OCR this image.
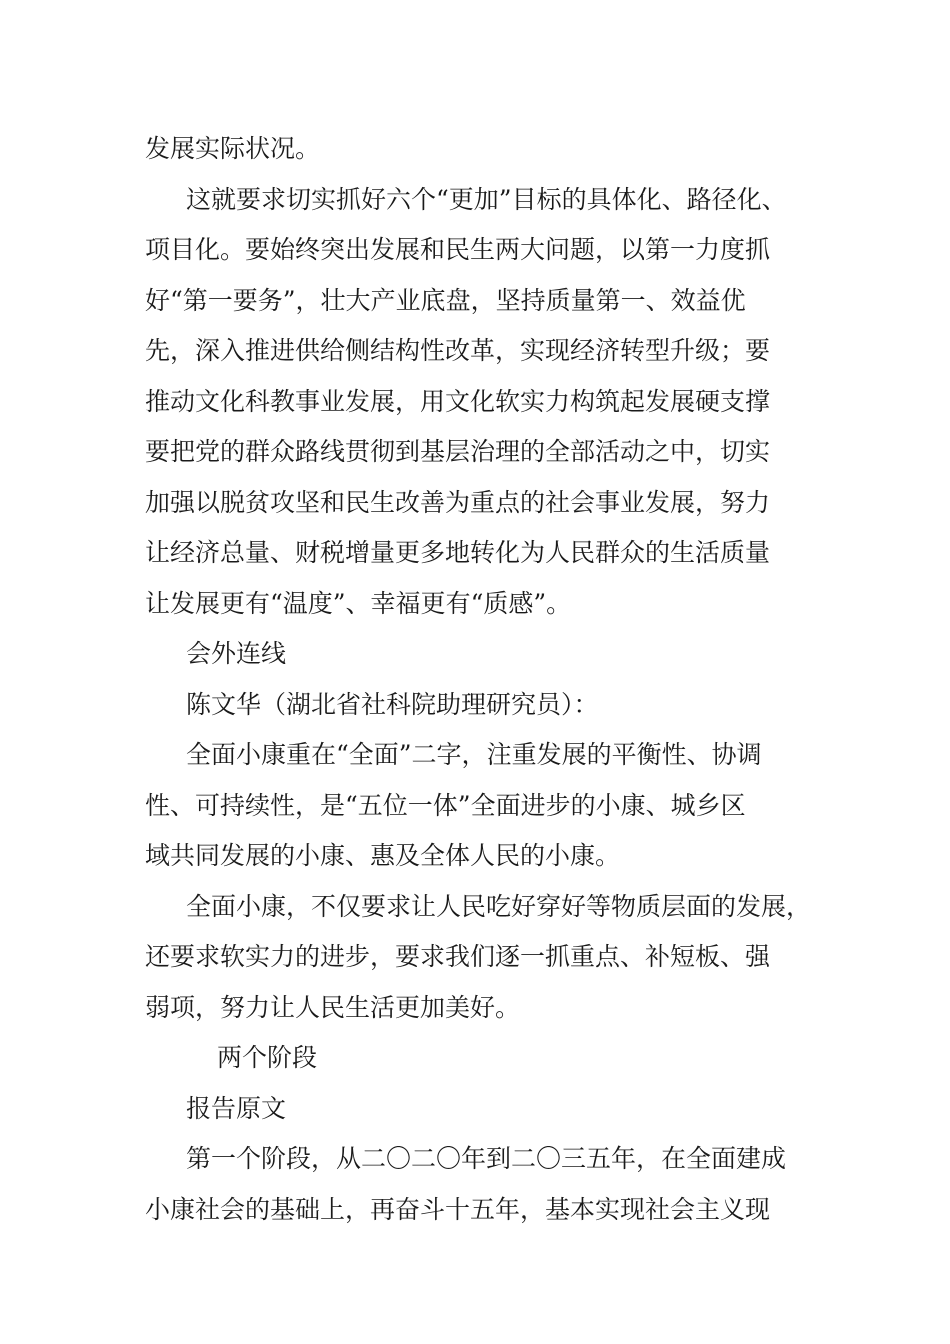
发展实际状况。
这就要求切实抓好六个“更加”目标的具体化、路径化、
项目化。要始终突出发展和民生两大问题，以第一力度抓
好“第一要务”，壮大产业底盘，坚持质量第一、效益优
先，深入推进供给侧结构性改革，实现经济转型升级；要
推动文化科教事业发展，用文化软实力构筑起发展硬支撑
要把党的群众路线贯彻到基层治理的全部活动之中，切实
加强以脱贫攻坚和民生改善为重点的社会事业发展，努力
让经济总量、财税增量更多地转化为人民群众的生活质量
让发展更有“温度”、幸福更有“质感”。
会外连线
陈文华（湖北省社科院助理研究员）：
全面小康重在“全面”二字，注重发展的平衡性、协调
性、可持续性，是“五位一体”全面进步的小康、城乡区
域共同发展的小康、惠及全体人民的小康。
全面小康，不仅要求让人民吃好穿好等物质层面的发展，
还要求软实力的进步，要求我们逐一抓重点、补短板、强
弱项，努力让人民生活更加美好。
两个阶段
报告原文
第一个阶段，从二〇二〇年到二〇三五年，在全面建成
小康社会的基础上，再奋斗十五年，基本实现社会主义现
